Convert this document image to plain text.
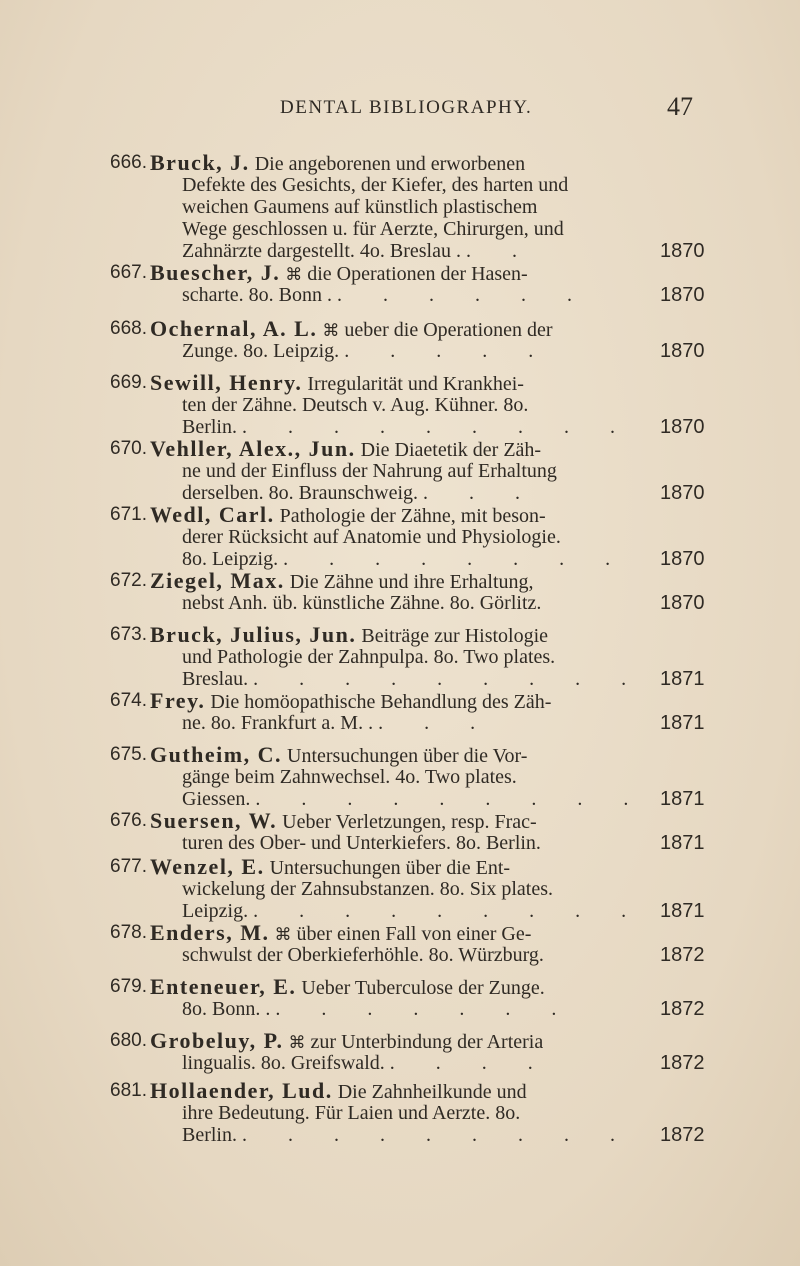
DENTAL BIBLIOGRAPHY.	47
666. Bruck, J. Die angeborenen und erworbenen
Defekte des Gesichts, der Kiefer, des harten und
weichen Gaumens auf künstlich plastischem
Wege geschlossen u. für Aerzte, Chirurgen, und
Zahnärzte dargestellt. 4o. Breslau . . .	1870
667. Buescher, J. ⌘ die Operationen der Hasen-
scharte. 8o. Bonn . . . . . . .	1870
668. Ochernal, A. L. ⌘ ueber die Operationen der
Zunge. 8o. Leipzig. . . . . .	1870
669. Sewill, Henry. Irregularität und Krankhei-
ten der Zähne. Deutsch v. Aug. Kühner. 8o.
Berlin. . . . . . . . . .	1870
670. Vehller, Alex., Jun. Die Diaetetik der Zäh-
ne und der Einfluss der Nahrung auf Erhaltung
derselben. 8o. Braunschweig. . . .	1870
671. Wedl, Carl. Pathologie der Zähne, mit beson-
derer Rücksicht auf Anatomie und Physiologie.
8o. Leipzig. . . . . . . . .	1870
672. Ziegel, Max. Die Zähne und ihre Erhaltung,
nebst Anh. üb. künstliche Zähne. 8o. Görlitz.	1870
673. Bruck, Julius, Jun. Beiträge zur Histologie
und Pathologie der Zahnpulpa. 8o. Two plates.
Breslau. . . . . . . . . . 1871
674. Frey. Die homöopathische Behandlung des Zäh-
ne. 8o. Frankfurt a. M. . . . .	1871
675. Gutheim, C. Untersuchungen über die Vor-
gänge beim Zahnwechsel. 4o. Two plates.
Giessen. . . . . . . . . . 1871
676. Suersen, W. Ueber Verletzungen, resp. Frac-
turen des Ober- und Unterkiefers. 8o. Berlin.	1871
677. Wenzel, E. Untersuchungen über die Ent-
wickelung der Zahnsubstanzen. 8o. Six plates.
Leipzig. . . . . . . . . . 1871
678. Enders, M. ⌘ über einen Fall von einer Ge-
schwulst der Oberkieferhöhle. 8o. Würzburg.	1872
679. Enteneuer, E. Ueber Tuberculose der Zunge.
8o. Bonn. . . . . . . . .	1872
680. Grobeluy, P. ⌘ zur Unterbindung der Arteria
lingualis. 8o. Greifswald. . . . .	1872
681. Hollaender, Lud. Die Zahnheilkunde und
ihre Bedeutung. Für Laien und Aerzte. 8o.
Berlin. . . . . . . . . .	1872
